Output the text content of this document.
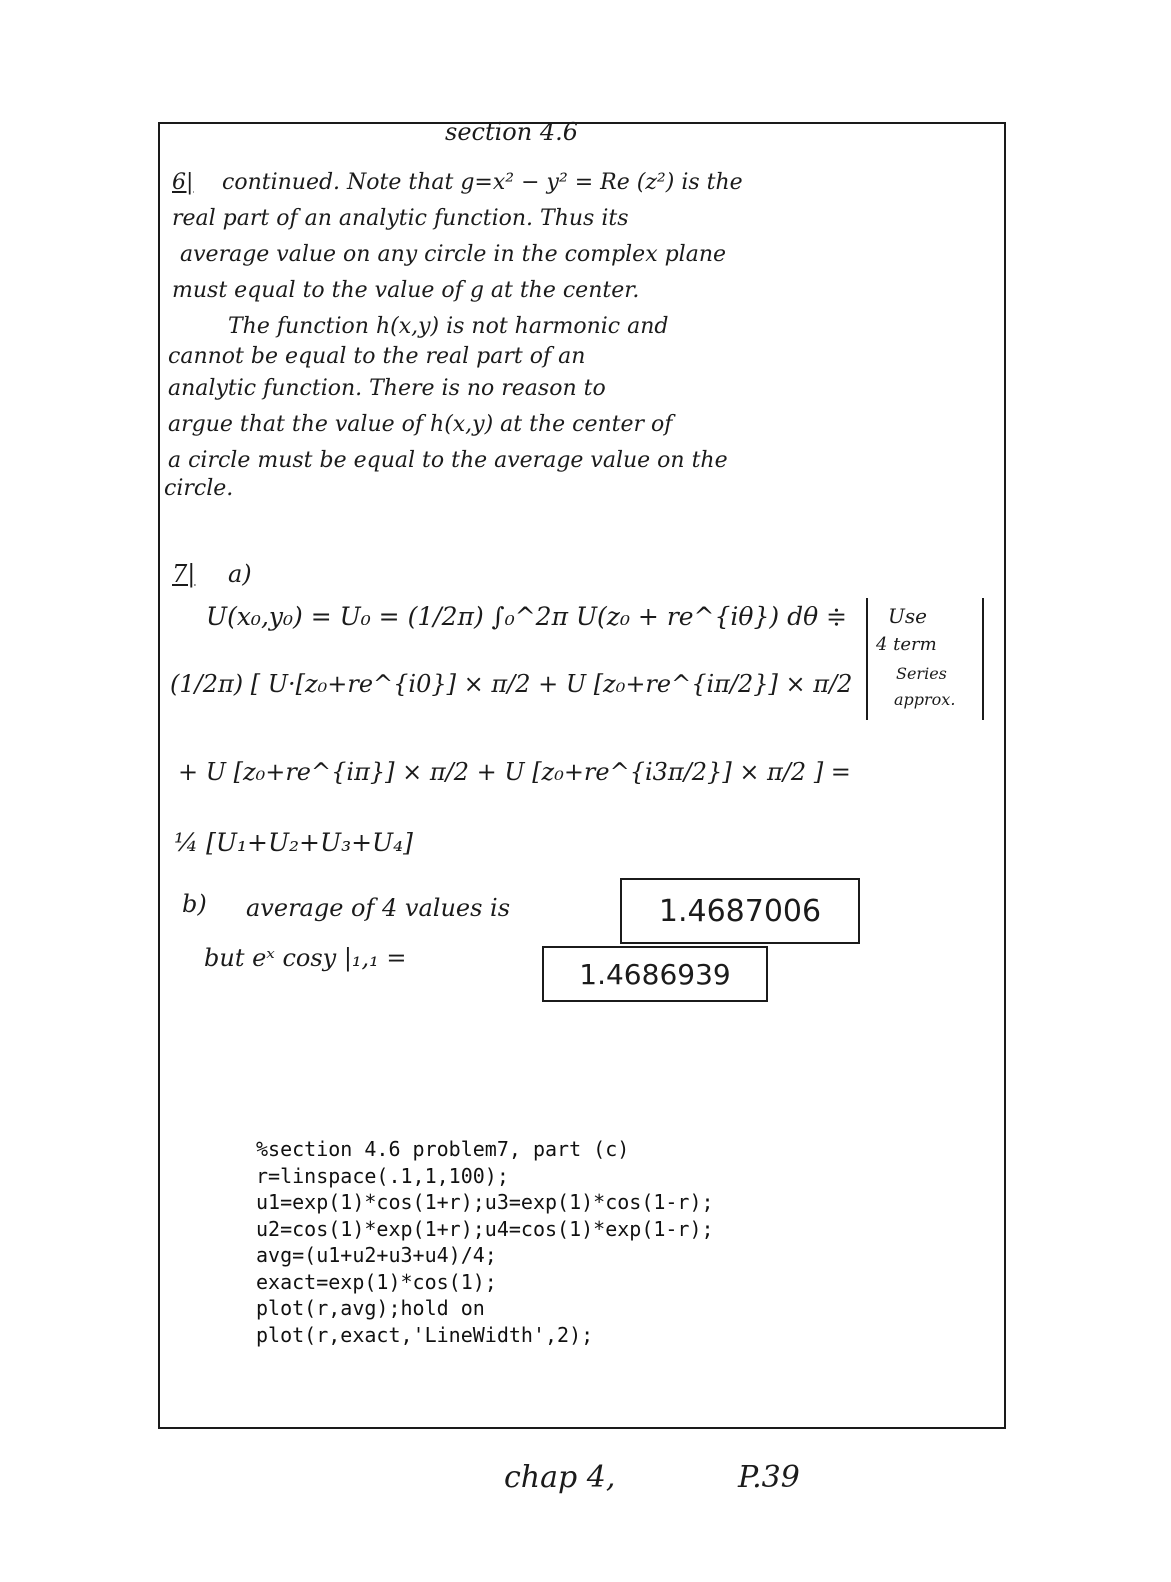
section 4.6
6| continued. Note that g=x² − y² = Re (z²) is the
real part of an analytic function. Thus its
average value on any circle in the complex plane
must equal to the value of g at the center.
The function h(x,y) is not harmonic and
cannot be equal to the real part of an
analytic function. There is no reason to
argue that the value of h(x,y) at the center of
a circle must be equal to the average value on the
circle.
7| a)
U(x₀,y₀) = U₀ = (1/2π) ∫₀^2π U(z₀ + re^{iθ}) dθ ≑
(1/2π) [ U·[z₀+re^{i0}] × π/2 + U [z₀+re^{iπ/2}] × π/2
+ U [z₀+re^{iπ}] × π/2 + U [z₀+re^{i3π/2}] × π/2 ] =
¼ [U₁+U₂+U₃+U₄]
Use
4 term
Series
approx.
b) average of 4 values is	1.4687006
but eˣ cosy |₁,₁ =	1.4686939
%section 4.6 problem7, part (c)
r=linspace(.1,1,100);
u1=exp(1)*cos(1+r);u3=exp(1)*cos(1-r);
u2=cos(1)*exp(1+r);u4=cos(1)*exp(1-r);
avg=(u1+u2+u3+u4)/4;
exact=exp(1)*cos(1);
plot(r,avg);hold on
plot(r,exact,'LineWidth',2);
chap 4,	P.39
